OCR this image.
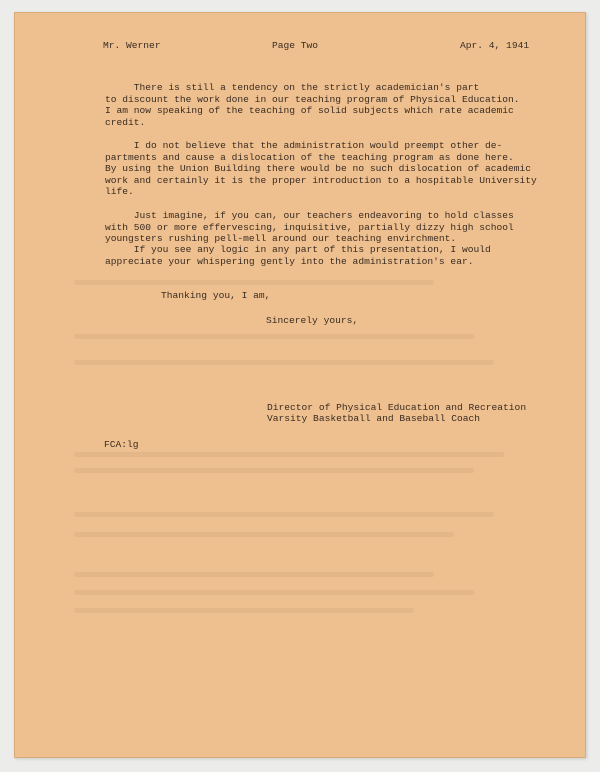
Mr. Werner	Page Two	Apr. 4, 1941
There is still a tendency on the strictly academician's part
to discount the work done in our teaching program of Physical Education.
I am now speaking of the teaching of solid subjects which rate academic
credit.
I do not believe that the administration would preempt other de-
partments and cause a dislocation of the teaching program as done here.
By using the Union Building there would be no such dislocation of academic
work and certainly it is the proper introduction to a hospitable University
life.
Just imagine, if you can, our teachers endeavoring to hold classes
with 500 or more effervescing, inquisitive, partially dizzy high school
youngsters rushing pell-mell around our teaching envirchment.
If you see any logic in any part of this presentation, I would
appreciate your whispering gently into the administration's ear.
Thanking you, I am,
Sincerely yours,
Director of Physical Education and Recreation
Varsity Basketball and Baseball Coach
FCA:lg
